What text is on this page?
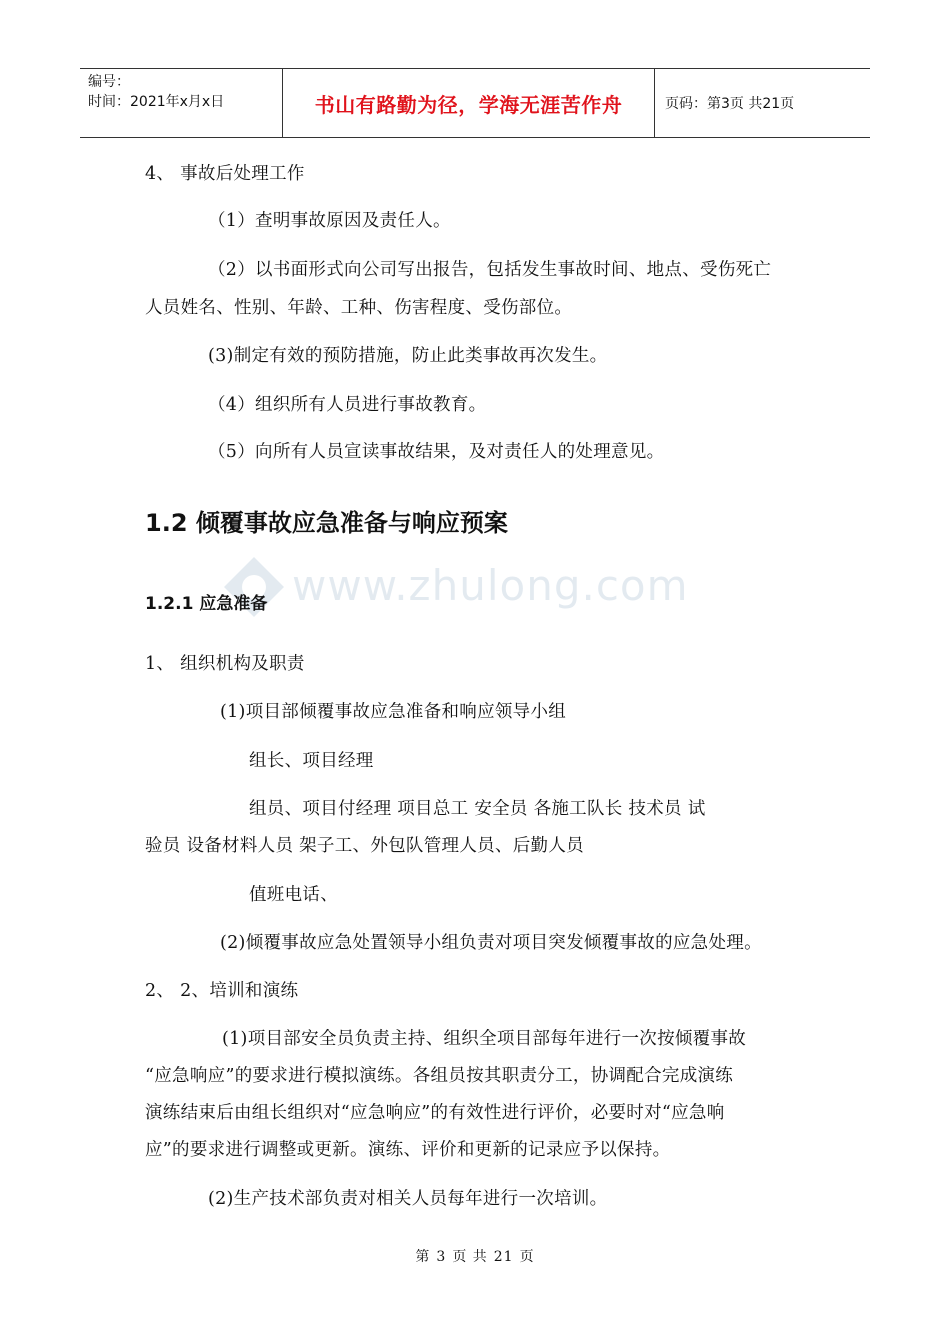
编号：
时间：2021年x月x日	书山有路勤为径，学海无涯苦作舟	页码：第3页 共21页
4、 事故后处理工作
（1）查明事故原因及责任人。
（2）以书面形式向公司写出报告，包括发生事故时间、地点、受伤死亡
人员姓名、性别、年龄、工种、伤害程度、受伤部位。
(3)制定有效的预防措施，防止此类事故再次发生。
（4）组织所有人员进行事故教育。
（5）向所有人员宣读事故结果，及对责任人的处理意见。
1.2 倾覆事故应急准备与响应预案
www.zhulong.com
1.2.1 应急准备
1、 组织机构及职责
(1)项目部倾覆事故应急准备和响应领导小组
组长、项目经理
组员、项目付经理 项目总工 安全员 各施工队长 技术员 试
验员 设备材料人员 架子工、外包队管理人员、后勤人员
值班电话、
(2)倾覆事故应急处置领导小组负责对项目突发倾覆事故的应急处理。
2、 2、培训和演练
(1)项目部安全员负责主持、组织全项目部每年进行一次按倾覆事故
“应急响应”的要求进行模拟演练。各组员按其职责分工，协调配合完成演练
演练结束后由组长组织对“应急响应”的有效性进行评价，必要时对“应急响
应”的要求进行调整或更新。演练、评价和更新的记录应予以保持。
(2)生产技术部负责对相关人员每年进行一次培训。
第 3 页 共 21 页
